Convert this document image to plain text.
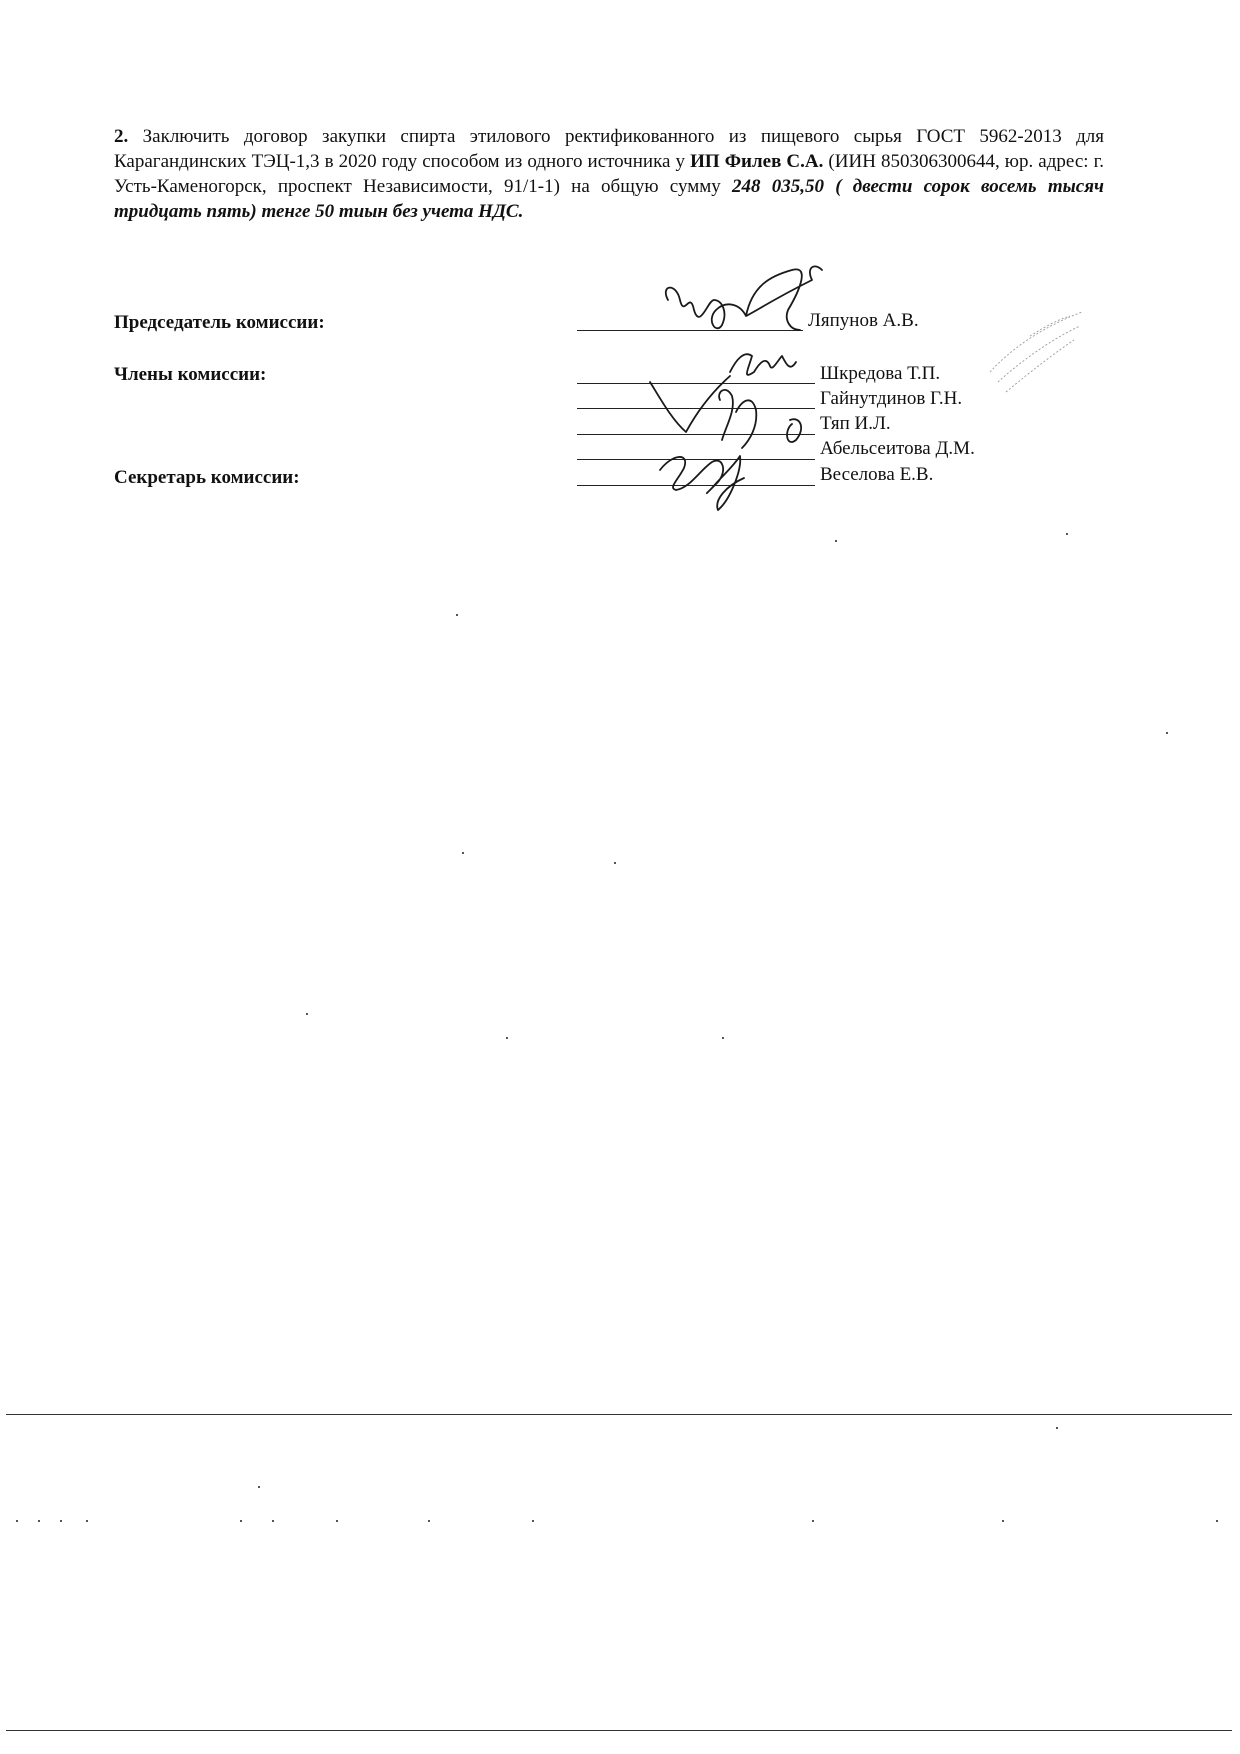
2. Заключить договор закупки спирта этилового ректификованного из пищевого сырья ГОСТ 5962-2013 для Карагандинских ТЭЦ-1,3 в 2020 году способом из одного источника у ИП Филев С.А. (ИИН 850306300644, юр. адрес: г. Усть-Каменогорск, проспект Независимости, 91/1-1) на общую сумму 248 035,50 ( двести сорок восемь тысяч тридцать пять) тенге 50 тиын без учета НДС.
Председатель комиссии:
Члены комиссии:
Секретарь комиссии:
Ляпунов А.В.
Шкредова Т.П.
Гайнутдинов Г.Н.
Тяп И.Л.
Абельсеитова Д.М.
Веселова Е.В.
